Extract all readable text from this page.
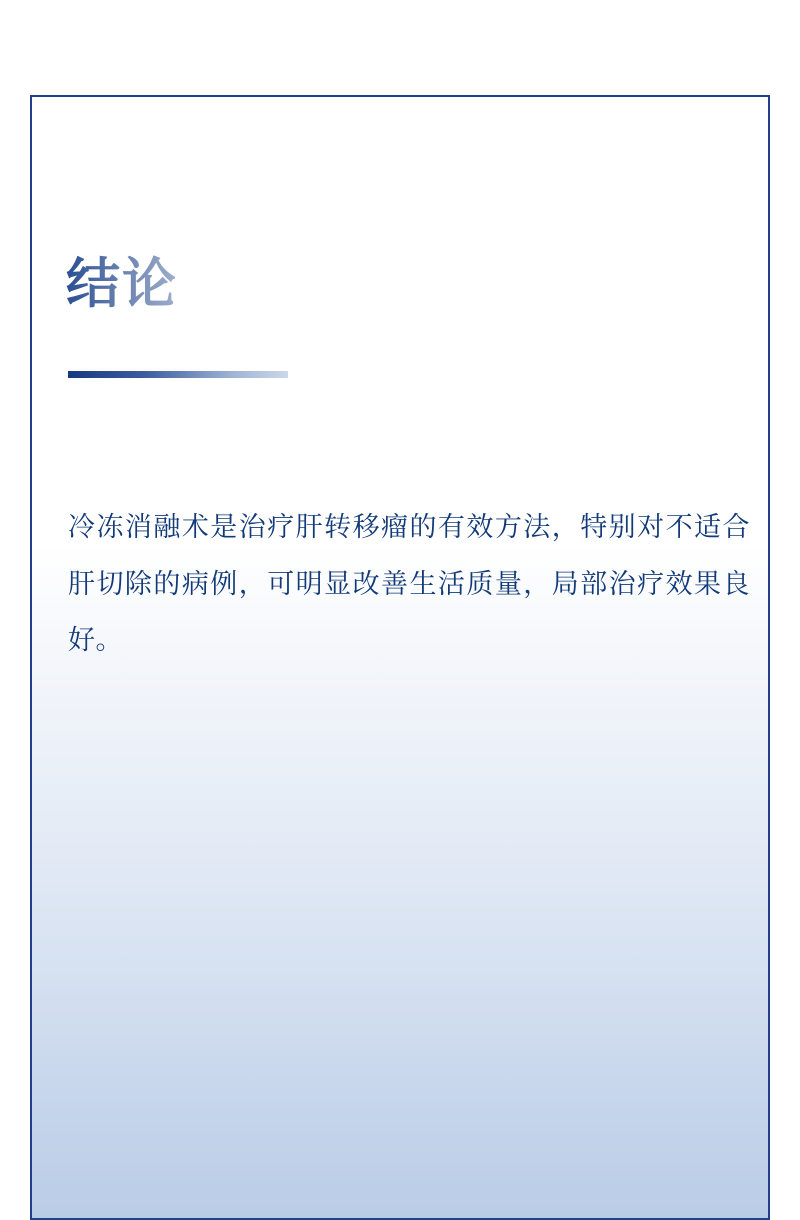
结论

冷冻消融术是治疗肝转移瘤的有效方法，特别对不适合肝切除的病例，可明显改善生活质量，局部治疗效果良好。
